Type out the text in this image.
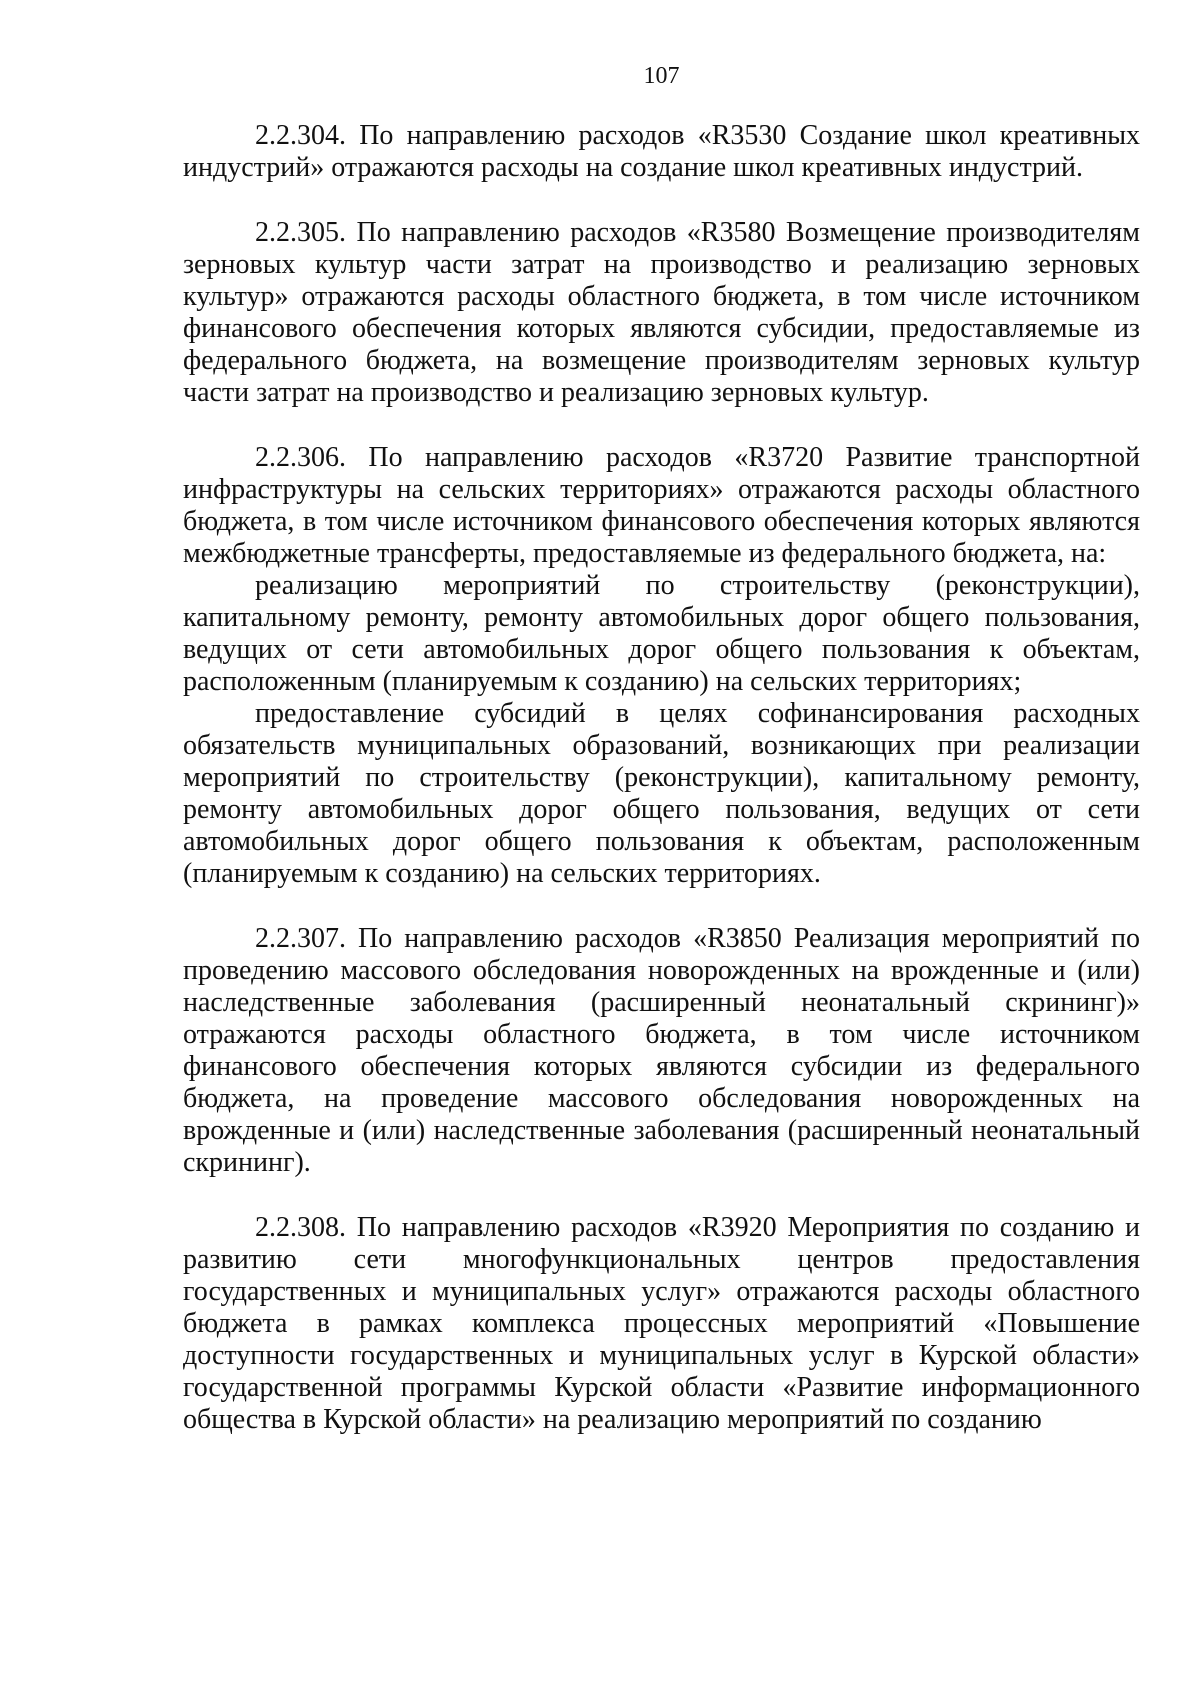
107

2.2.304. По направлению расходов «R3530 Создание школ креативных индустрий» отражаются расходы на создание школ креативных индустрий.

2.2.305. По направлению расходов «R3580 Возмещение производителям зерновых культур части затрат на производство и реализацию зерновых культур» отражаются расходы областного бюджета, в том числе источником финансового обеспечения которых являются субсидии, предоставляемые из федерального бюджета, на возмещение производителям зерновых культур части затрат на производство и реализацию зерновых культур.

2.2.306. По направлению расходов «R3720 Развитие транспортной инфраструктуры на сельских территориях» отражаются расходы областного бюджета, в том числе источником финансового обеспечения которых являются межбюджетные трансферты, предоставляемые из федерального бюджета, на:

реализацию мероприятий по строительству (реконструкции), капитальному ремонту, ремонту автомобильных дорог общего пользования, ведущих от сети автомобильных дорог общего пользования к объектам, расположенным (планируемым к созданию) на сельских территориях;

предоставление субсидий в целях софинансирования расходных обязательств муниципальных образований, возникающих при реализации мероприятий по строительству (реконструкции), капитальному ремонту, ремонту автомобильных дорог общего пользования, ведущих от сети автомобильных дорог общего пользования к объектам, расположенным (планируемым к созданию) на сельских территориях.

2.2.307. По направлению расходов «R3850 Реализация мероприятий по проведению массового обследования новорожденных на врожденные и (или) наследственные заболевания (расширенный неонатальный скрининг)» отражаются расходы областного бюджета, в том числе источником финансового обеспечения которых являются субсидии из федерального бюджета, на проведение массового обследования новорожденных на врожденные и (или) наследственные заболевания (расширенный неонатальный скрининг).

2.2.308. По направлению расходов «R3920 Мероприятия по созданию и развитию сети многофункциональных центров предоставления государственных и муниципальных услуг» отражаются расходы областного бюджета в рамках комплекса процессных мероприятий «Повышение доступности государственных и муниципальных услуг в Курской области» государственной программы Курской области «Развитие информационного общества в Курской области» на реализацию мероприятий по созданию
